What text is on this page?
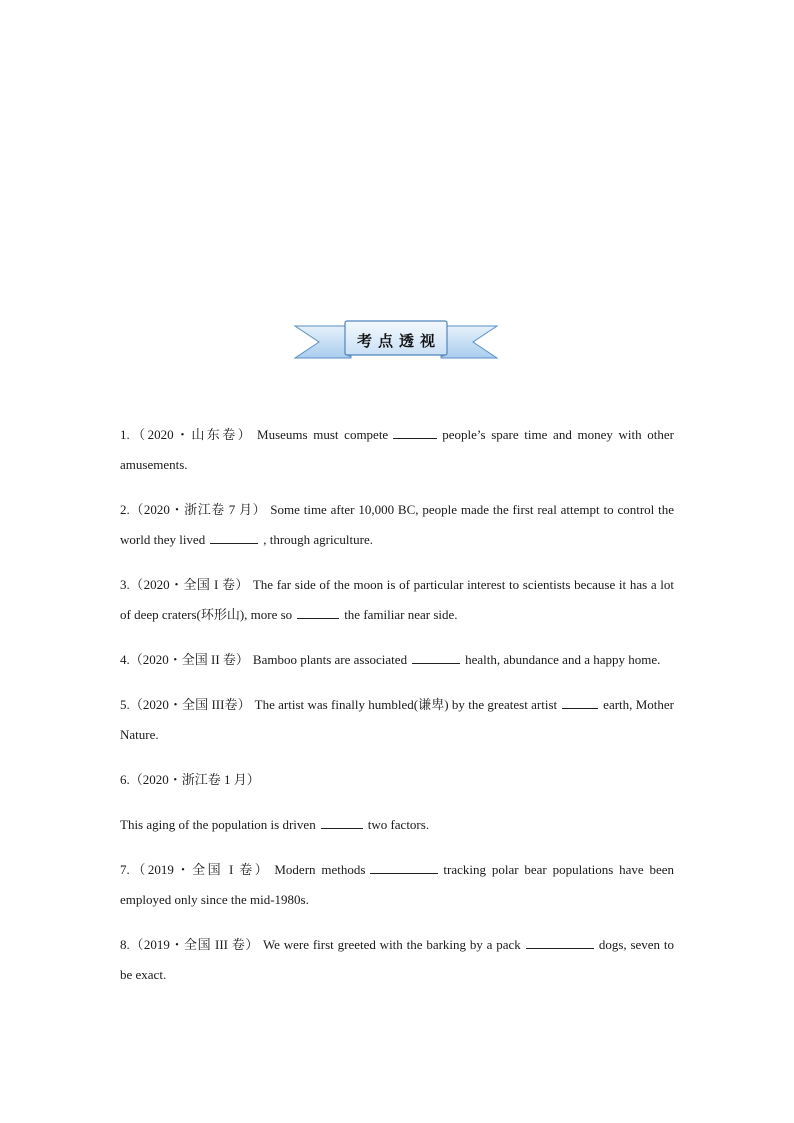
考点透视
1.（2020・山东卷） Museums must compete	people’s spare time and money with other amusements.
2.（2020・浙江卷 7 月） Some time after 10,000 BC, people made the first real attempt to control the world they lived	, through agriculture.
3.（2020・全国 I 卷） The far side of the moon is of particular interest to scientists because it has a lot of deep craters(环形山), more so	the familiar near side.
4.（2020・全国 II 卷） Bamboo plants are associated	health, abundance and a happy home.
5.（2020・全国 III卷） The artist was finally humbled(谦卑) by the greatest artist	earth, Mother Nature.
6.（2020・浙江卷 1 月）
This aging of the population is driven	two factors.
7.（2019・全国 I 卷） Modern methods	tracking polar bear populations have been employed only since the mid-1980s.
8.（2019・全国 III 卷） We were first greeted with the barking by a pack	dogs, seven to be exact.
